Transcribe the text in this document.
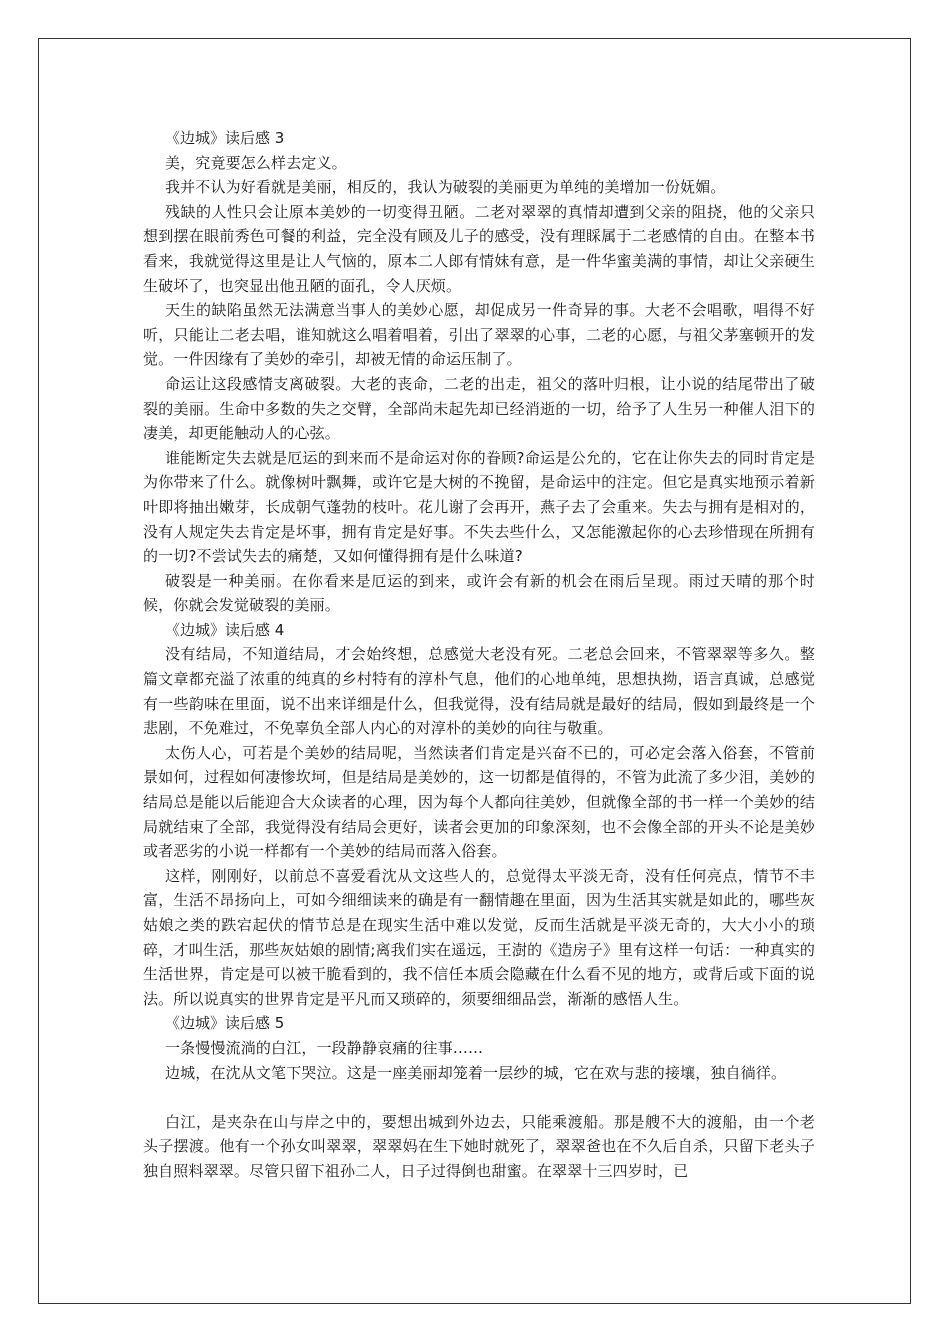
《边城》读后感 3

美，究竟要怎么样去定义。

我并不认为好看就是美丽，相反的，我认为破裂的美丽更为单纯的美增加一份妩媚。

残缺的人性只会让原本美妙的一切变得丑陋。二老对翠翠的真情却遭到父亲的阻挠，他的父亲只想到摆在眼前秀色可餐的利益，完全没有顾及儿子的感受，没有理睬属于二老感情的自由。在整本书看来，我就觉得这里是让人气恼的，原本二人郎有情妹有意，是一件华蜜美满的事情，却让父亲硬生生破坏了，也突显出他丑陋的面孔，令人厌烦。

天生的缺陷虽然无法满意当事人的美妙心愿，却促成另一件奇异的事。大老不会唱歌，唱得不好听，只能让二老去唱，谁知就这么唱着唱着，引出了翠翠的心事，二老的心愿，与祖父茅塞顿开的发觉。一件因缘有了美妙的牵引，却被无情的命运压制了。

命运让这段感情支离破裂。大老的丧命，二老的出走，祖父的落叶归根，让小说的结尾带出了破裂的美丽。生命中多数的失之交臂，全部尚未起先却已经消逝的一切，给予了人生另一种催人泪下的凄美，却更能触动人的心弦。

谁能断定失去就是厄运的到来而不是命运对你的眷顾?命运是公允的，它在让你失去的同时肯定是为你带来了什么。就像树叶飘舞，或许它是大树的不挽留，是命运中的注定。但它是真实地预示着新叶即将抽出嫩芽，长成朝气蓬勃的枝叶。花儿谢了会再开，燕子去了会重来。失去与拥有是相对的，没有人规定失去肯定是坏事，拥有肯定是好事。不失去些什么，又怎能激起你的心去珍惜现在所拥有的一切?不尝试失去的痛楚，又如何懂得拥有是什么味道?

破裂是一种美丽。在你看来是厄运的到来，或许会有新的机会在雨后呈现。雨过天晴的那个时候，你就会发觉破裂的美丽。

《边城》读后感 4

没有结局，不知道结局，才会始终想，总感觉大老没有死。二老总会回来，不管翠翠等多久。整篇文章都充溢了浓重的纯真的乡村特有的淳朴气息，他们的心地单纯，思想执拗，语言真诚，总感觉有一些韵味在里面，说不出来详细是什么，但我觉得，没有结局就是最好的结局，假如到最终是一个悲剧，不免难过，不免辜负全部人内心的对淳朴的美妙的向往与敬重。

太伤人心，可若是个美妙的结局呢，当然读者们肯定是兴奋不已的，可必定会落入俗套，不管前景如何，过程如何凄惨坎坷，但是结局是美妙的，这一切都是值得的，不管为此流了多少泪，美妙的结局总是能以后能迎合大众读者的心理，因为每个人都向往美妙，但就像全部的书一样一个美妙的结局就结束了全部，我觉得没有结局会更好，读者会更加的印象深刻，也不会像全部的开头不论是美妙或者恶劣的小说一样都有一个美妙的结局而落入俗套。

这样，刚刚好，以前总不喜爱看沈从文这些人的，总觉得太平淡无奇，没有任何亮点，情节不丰富，生活不昂扬向上，可如今细细读来的确是有一翻情趣在里面，因为生活其实就是如此的，哪些灰姑娘之类的跌宕起伏的情节总是在现实生活中难以发觉，反而生活就是平淡无奇的，大大小小的琐碎，才叫生活，那些灰姑娘的剧情;离我们实在遥远，王澍的《造房子》里有这样一句话：一种真实的生活世界，肯定是可以被干脆看到的，我不信任本质会隐藏在什么看不见的地方，或背后或下面的说法。所以说真实的世界肯定是平凡而又琐碎的，须要细细品尝，渐渐的感悟人生。

《边城》读后感 5

一条慢慢流淌的白江，一段静静哀痛的往事……

边城，在沈从文笔下哭泣。这是一座美丽却笼着一层纱的城，它在欢与悲的接壤，独自徜徉。

白江，是夹杂在山与岸之中的，要想出城到外边去，只能乘渡船。那是艘不大的渡船，由一个老头子摆渡。他有一个孙女叫翠翠，翠翠妈在生下她时就死了，翠翠爸也在不久后自杀，只留下老头子独自照料翠翠。尽管只留下祖孙二人，日子过得倒也甜蜜。在翠翠十三四岁时，已
